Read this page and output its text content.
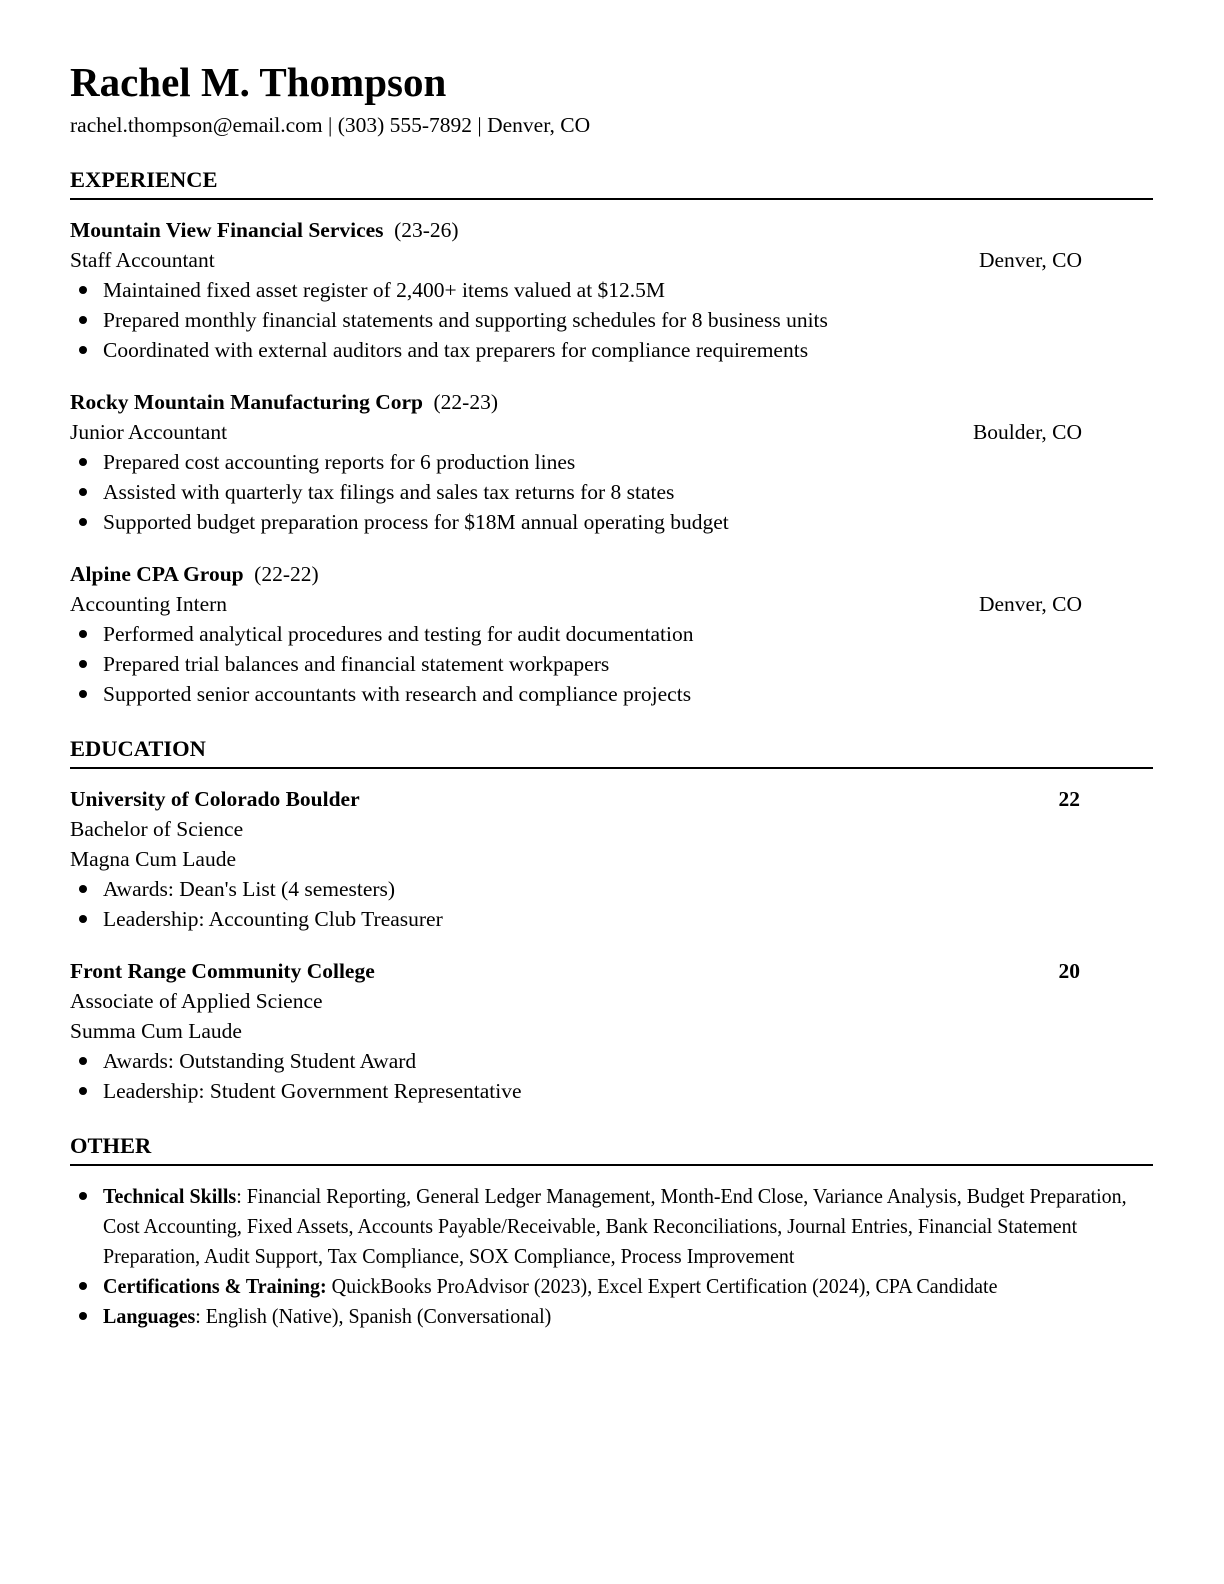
Rachel M. Thompson
rachel.thompson@email.com | (303) 555-7892 | Denver, CO
EXPERIENCE
Mountain View Financial Services (23-26)
Staff Accountant	Denver, CO
Maintained fixed asset register of 2,400+ items valued at $12.5M
Prepared monthly financial statements and supporting schedules for 8 business units
Coordinated with external auditors and tax preparers for compliance requirements
Rocky Mountain Manufacturing Corp (22-23)
Junior Accountant	Boulder, CO
Prepared cost accounting reports for 6 production lines
Assisted with quarterly tax filings and sales tax returns for 8 states
Supported budget preparation process for $18M annual operating budget
Alpine CPA Group (22-22)
Accounting Intern	Denver, CO
Performed analytical procedures and testing for audit documentation
Prepared trial balances and financial statement workpapers
Supported senior accountants with research and compliance projects
EDUCATION
University of Colorado Boulder	22
Bachelor of Science
Magna Cum Laude
Awards: Dean's List (4 semesters)
Leadership: Accounting Club Treasurer
Front Range Community College	20
Associate of Applied Science
Summa Cum Laude
Awards: Outstanding Student Award
Leadership: Student Government Representative
OTHER
Technical Skills: Financial Reporting, General Ledger Management, Month-End Close, Variance Analysis, Budget Preparation, Cost Accounting, Fixed Assets, Accounts Payable/Receivable, Bank Reconciliations, Journal Entries, Financial Statement Preparation, Audit Support, Tax Compliance, SOX Compliance, Process Improvement
Certifications & Training: QuickBooks ProAdvisor (2023), Excel Expert Certification (2024), CPA Candidate
Languages: English (Native), Spanish (Conversational)
